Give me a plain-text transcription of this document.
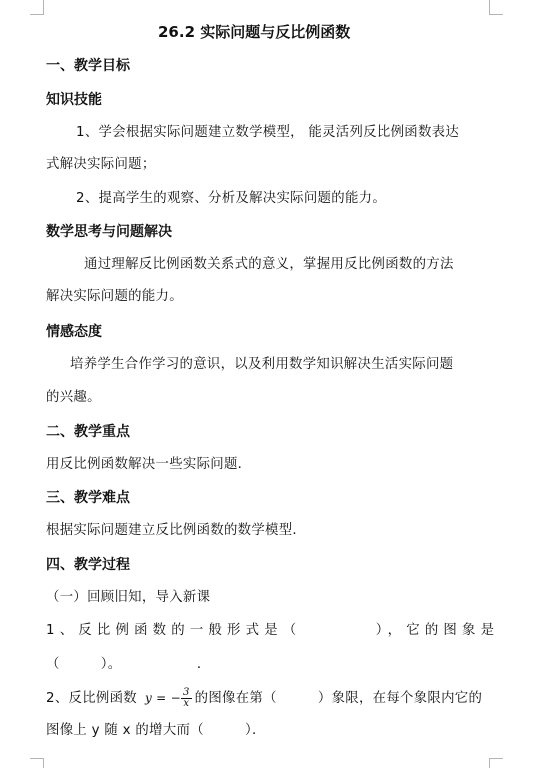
26.2 实际问题与反比例函数
一、教学目标
知识技能
1、学会根据实际问题建立数学模型， 能灵活列反比例函数表达
式解决实际问题；
2、提高学生的观察、分析及解决实际问题的能力。
数学思考与问题解决
通过理解反比例函数关系式的意义，掌握用反比例函数的方法
解决实际问题的能力。
情感态度
培养学生合作学习的意识，以及利用数学知识解决生活实际问题
的兴趣。
二、教学重点
用反比例函数解决一些实际问题．
三、教学难点
根据实际问题建立反比例函数的数学模型．
四、教学过程
（一）回顾旧知，导入新课
1、反比例函数的一般形式是（　　　　），它的图象是
（　　　）。　　　　　　．
2、反比例函数 y = − $\frac{3}{x}$ 的图像在第（　　　）象限，在每个象限内它的
图像上 y 随 x 的增大而（　　　）．
